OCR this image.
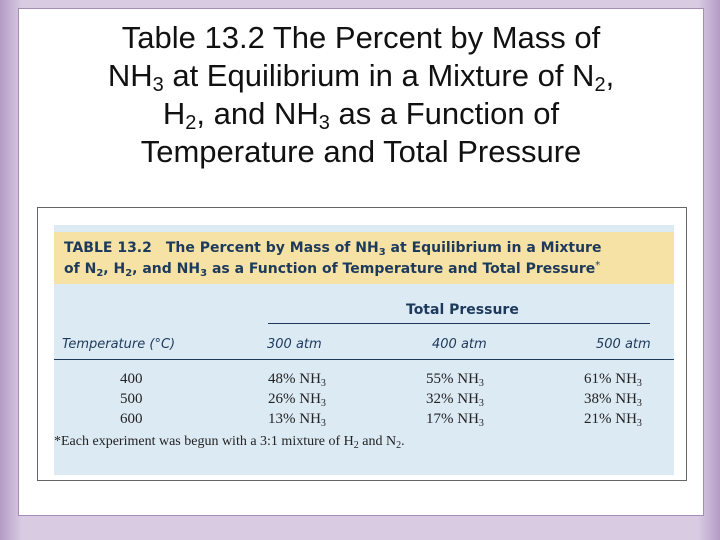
Table 13.2 The Percent by Mass of
$NH_3$ at Equilibrium in a Mixture of $N_2$,
$H_2$, and $NH_3$ as a Function of
Temperature and Total Pressure
TABLE 13.2 The Percent by Mass of $NH_3$ at Equilibrium in a Mixture
of $N_2$, $H_2$, and $NH_3$ as a Function of Temperature and Total Pressure*
Total Pressure
Temperature (°C)	300 atm	400 atm	500 atm
400	48% $NH_3$	55% $NH_3$	61% $NH_3$
500	26% $NH_3$	32% $NH_3$	38% $NH_3$
600	13% $NH_3$	17% $NH_3$	21% $NH_3$
*Each experiment was begun with a 3:1 mixture of $H_2$ and $N_2$.
